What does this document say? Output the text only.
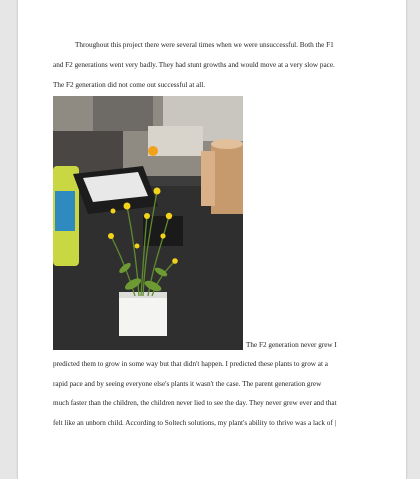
Throughout this project there were several times when we were unsuccessful. Both the F1
and F2 generations went very badly. They had stunt growths and would move at a very slow pace.
The F2 generation did not come out successful at all.
The F2 generation never grew I
predicted them to grow in some way but that didn't happen. I predicted these plants to grow at a
rapid pace and by seeing everyone else's plants it wasn't the case. The parent generation grew
much faster than the children, the children never lied to see the day. They never grew ever and that
felt like an unborn child. According to Soltech solutions, my plant's ability to thrive was a lack of |
